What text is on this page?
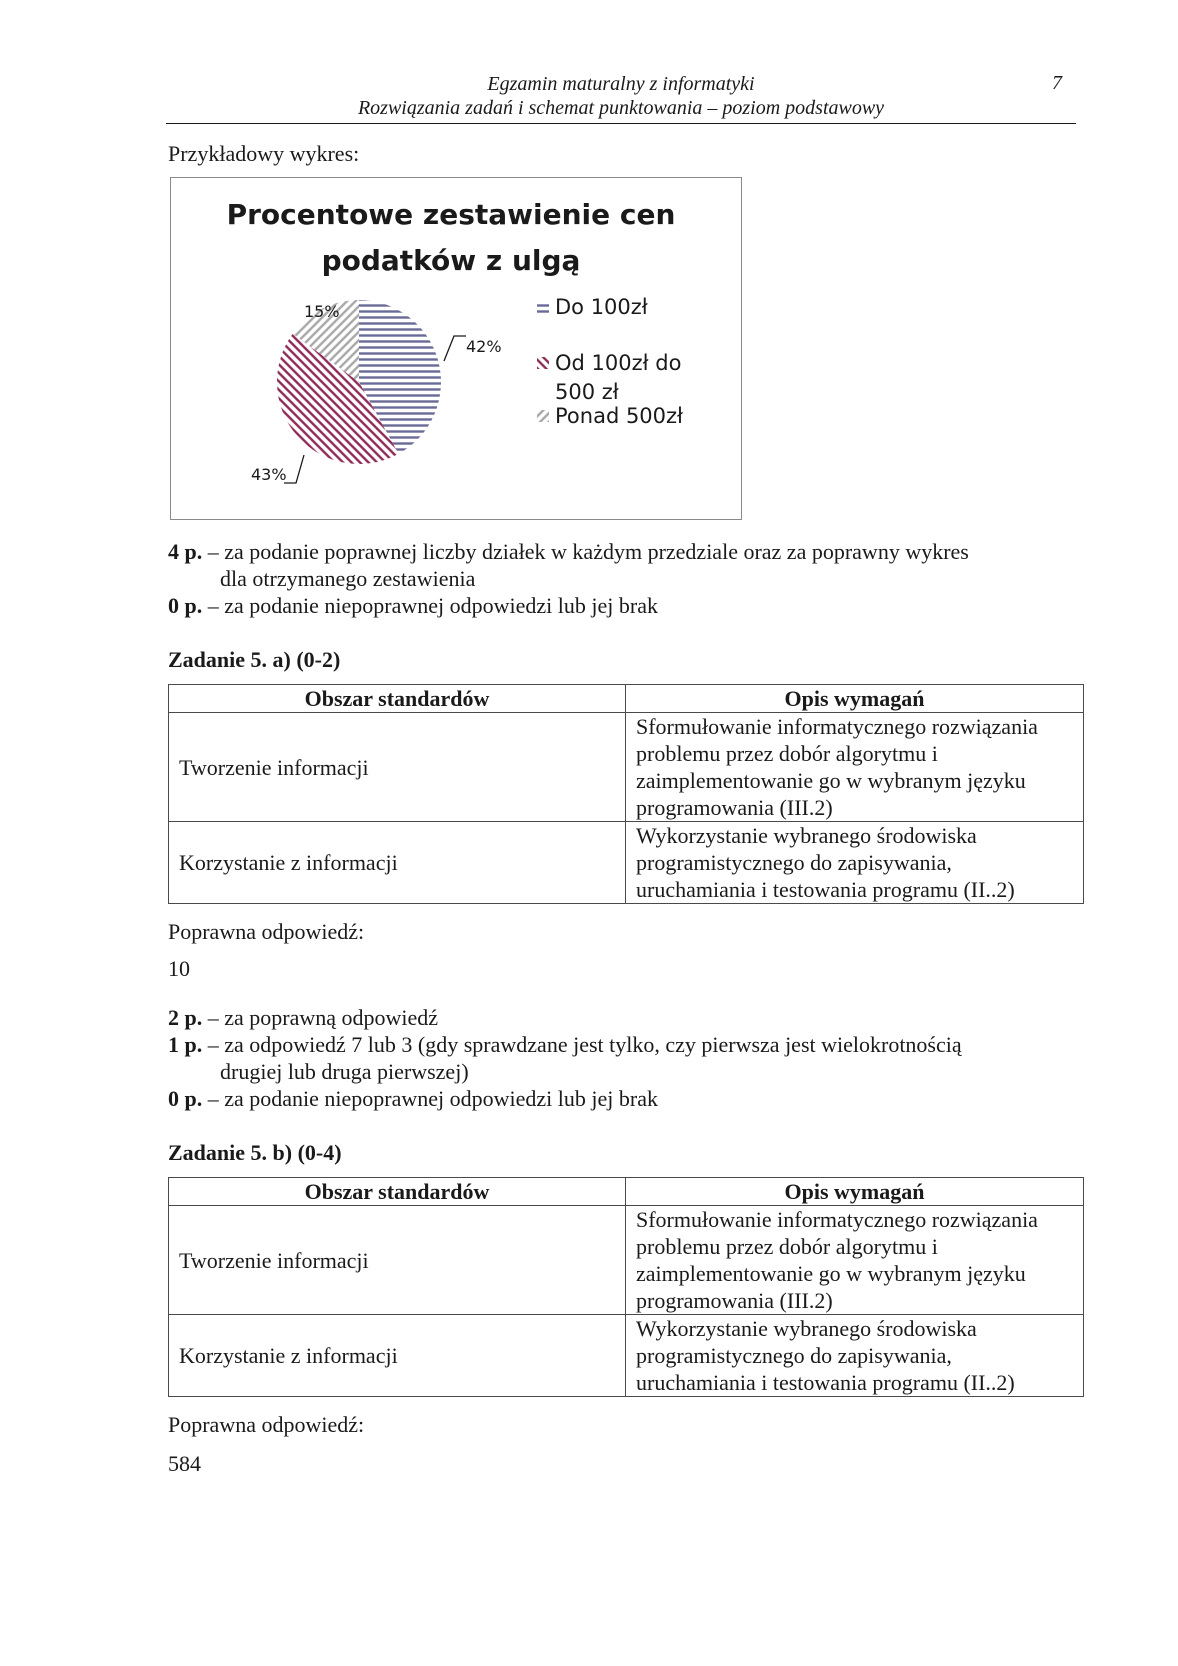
Egzamin maturalny z informatyki
Rozwiązania zadań i schemat punktowania – poziom podstawowy
7
Przykładowy wykres:
Procentowe zestawienie cen
podatków z ulgą
42%
43%
15%	Do 100zł
Od 100zł do
500 zł
Ponad 500zł
4 p. – za podanie poprawnej liczby działek w każdym przedziale oraz za poprawny wykres
dla otrzymanego zestawienia
0 p. – za podanie niepoprawnej odpowiedzi lub jej brak
Zadanie 5. a) (0-2)
Obszar standardów	Opis wymagań
Tworzenie informacji	Sformułowanie informatycznego rozwiązania problemu przez dobór algorytmu i zaimplementowanie go w wybranym języku programowania (III.2)
Korzystanie z informacji	Wykorzystanie wybranego środowiska programistycznego do zapisywania, uruchamiania i testowania programu (II..2)
Poprawna odpowiedź:
10
2 p. – za poprawną odpowiedź
1 p. – za odpowiedź 7 lub 3 (gdy sprawdzane jest tylko, czy pierwsza jest wielokrotnością
drugiej lub druga pierwszej)
0 p. – za podanie niepoprawnej odpowiedzi lub jej brak
Zadanie 5. b) (0-4)
Obszar standardów	Opis wymagań
Tworzenie informacji	Sformułowanie informatycznego rozwiązania problemu przez dobór algorytmu i zaimplementowanie go w wybranym języku programowania (III.2)
Korzystanie z informacji	Wykorzystanie wybranego środowiska programistycznego do zapisywania, uruchamiania i testowania programu (II..2)
Poprawna odpowiedź:
584
